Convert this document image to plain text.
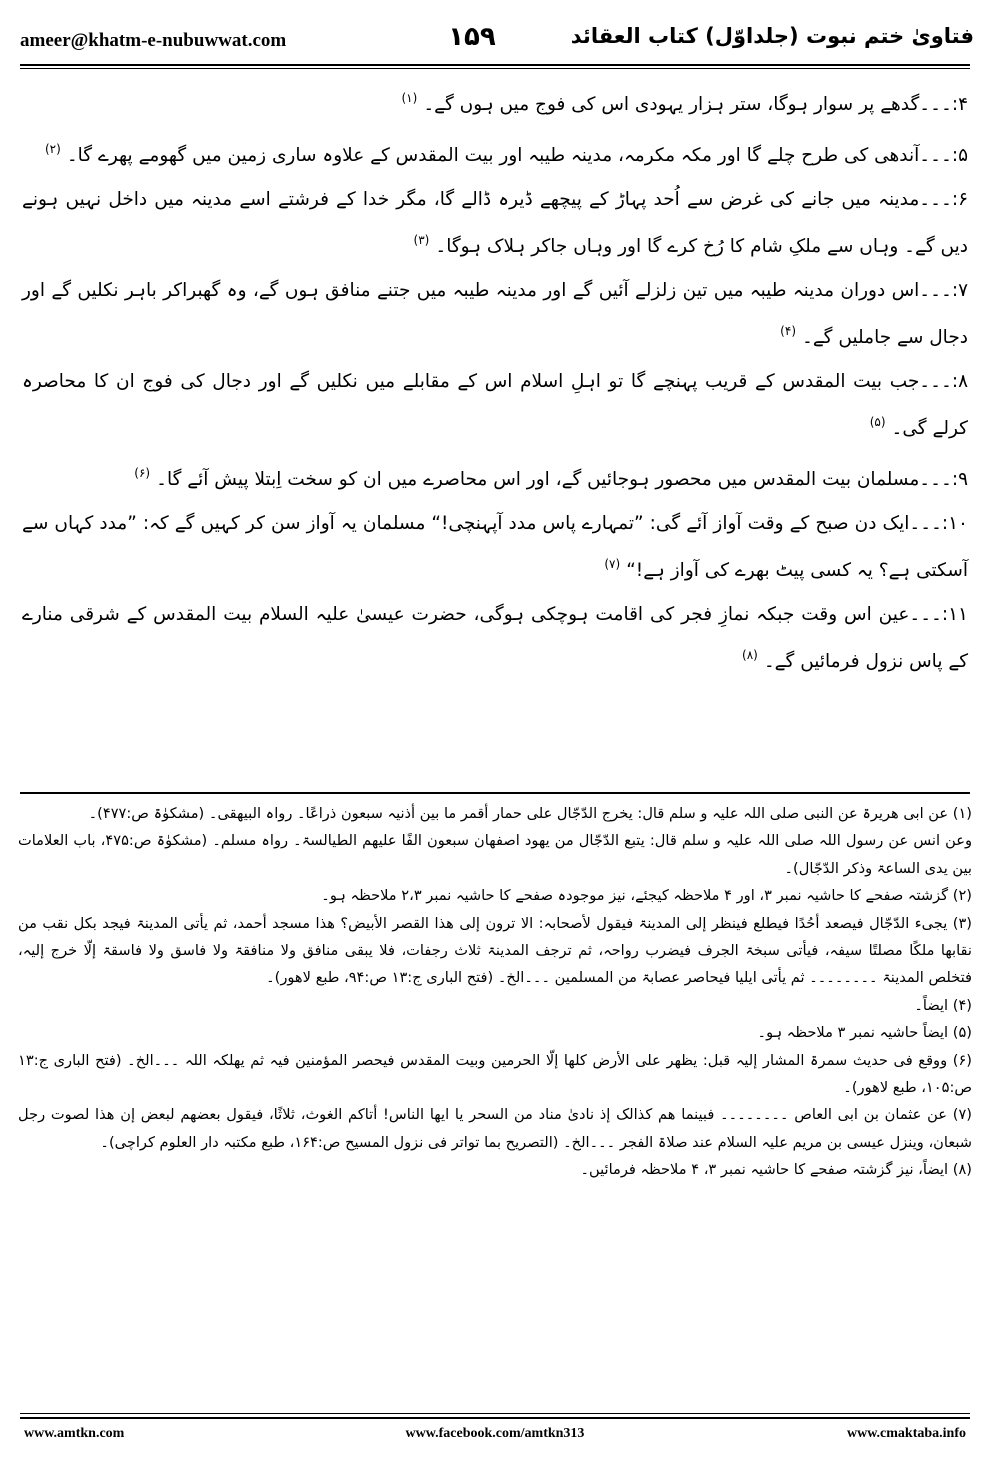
ameer@khatm-e-nubuwwat.com	۱۵۹	فتاویٰ ختم نبوت (جلداوّل) کتاب العقائد

۴:۔۔۔گدھے پر سوار ہوگا، ستر ہزار یہودی اس کی فوج میں ہوں گے۔$^{(۱)}$

۵:۔۔۔آندھی کی طرح چلے گا اور مکہ مکرمہ، مدینہ طیبہ اور بیت المقدس کے علاوہ ساری زمین میں گھومے پھرے گا۔$^{(۲)}$

۶:۔۔۔مدینہ میں جانے کی غرض سے اُحد پہاڑ کے پیچھے ڈیرہ ڈالے گا، مگر خدا کے فرشتے اسے مدینہ میں داخل نہیں ہونے دیں گے۔ وہاں سے ملکِ شام کا رُخ کرے گا اور وہاں جاکر ہلاک ہوگا۔$^{(۳)}$

۷:۔۔۔اس دوران مدینہ طیبہ میں تین زلزلے آئیں گے اور مدینہ طیبہ میں جتنے منافق ہوں گے، وہ گھبراکر باہر نکلیں گے اور دجال سے جاملیں گے۔$^{(۴)}$

۸:۔۔۔جب بیت المقدس کے قریب پہنچے گا تو اہلِ اسلام اس کے مقابلے میں نکلیں گے اور دجال کی فوج ان کا محاصرہ کرلے گی۔$^{(۵)}$

۹:۔۔۔مسلمان بیت المقدس میں محصور ہوجائیں گے، اور اس محاصرے میں ان کو سخت اِبتلا پیش آئے گا۔$^{(۶)}$

۱۰:۔۔۔ایک دن صبح کے وقت آواز آئے گی: ”تمہارے پاس مدد آپہنچی!“ مسلمان یہ آواز سن کر کہیں گے کہ: ”مدد کہاں سے آسکتی ہے؟ یہ کسی پیٹ بھرے کی آواز ہے!“$^{(۷)}$

۱۱:۔۔۔عین اس وقت جبکہ نمازِ فجر کی اقامت ہوچکی ہوگی، حضرت عیسیٰ علیہ السلام بیت المقدس کے شرقی منارے کے پاس نزول فرمائیں گے۔$^{(۸)}$

(۱) عن ابی ھریرۃ عن النبی صلی اللہ علیہ و سلم قال: یخرج الدّجّال علی حمار أقمر ما بین أذنیہ سبعون ذراعًا۔ رواہ البیھقی۔ (مشکوٰۃ ص:۴۷۷)۔

وعن انس عن رسول اللہ صلی اللہ علیہ و سلم قال: یتبع الدّجّال من یھود اصفھان سبعون الفًا علیھم الطیالسۃ۔ رواہ مسلم۔ (مشکوٰۃ ص:۴۷۵، باب العلامات بین یدی الساعۃ وذکر الدّجّال)۔

(۲) گزشتہ صفحے کا حاشیہ نمبر ۳، اور ۴ ملاحظہ کیجئے، نیز موجودہ صفحے کا حاشیہ نمبر ۲،۳ ملاحظہ ہو۔

(۳) یجیء الدّجّال فیصعد أحُدًا فیطلع فینظر إلی المدینۃ فیقول لأصحابہ: الا ترون إلی ھذا القصر الأبیض؟ ھذا مسجد أحمد، ثم یأتی المدینۃ فیجد بکل نقب من نقابھا ملکًا مصلتًا سیفہ، فیأتی سبخۃ الجرف فیضرب رواحہ، ثم ترجف المدینۃ ثلاث رجفات، فلا یبقی منافق ولا منافقۃ ولا فاسق ولا فاسقۃ إلّا خرج إلیہ، فتخلص المدینۃ ۔۔۔۔۔۔۔۔ ثم یأتی ایلیا فیحاصر عصابۃ من المسلمین ۔۔۔الخ۔ (فتح الباری ج:۱۳ ص:۹۴، طبع لاھور)۔

(۴) ایضاً۔

(۵) ایضاً حاشیہ نمبر ۳ ملاحظہ ہو۔

(۶) ووقع فی حدیث سمرۃ المشار إلیہ قبل: یظھر علی الأرض کلھا إلّا الحرمین وبیت المقدس فیحصر المؤمنین فیہ ثم یھلکہ اللہ ۔۔۔الخ۔ (فتح الباری ج:۱۳ ص:۱۰۵، طبع لاھور)۔

(۷) عن عثمان بن ابی العاص ۔۔۔۔۔۔۔۔ فبینما ھم کذالک إذ نادیٰ مناد من السحر یا ایھا الناس! أتاکم الغوث، ثلاثًا، فیقول بعضھم لبعض إن ھذا لصوت رجل شبعان، وینزل عیسی بن مریم علیہ السلام عند صلاۃ الفجر ۔۔۔الخ۔ (التصریح بما تواتر فی نزول المسیح ص:۱۶۴، طبع مکتبہ دار العلوم کراچی)۔

(۸) ایضاً، نیز گزشتہ صفحے کا حاشیہ نمبر ۳، ۴ ملاحظہ فرمائیں۔

www.amtkn.com	www.facebook.com/amtkn313	www.cmaktaba.info
